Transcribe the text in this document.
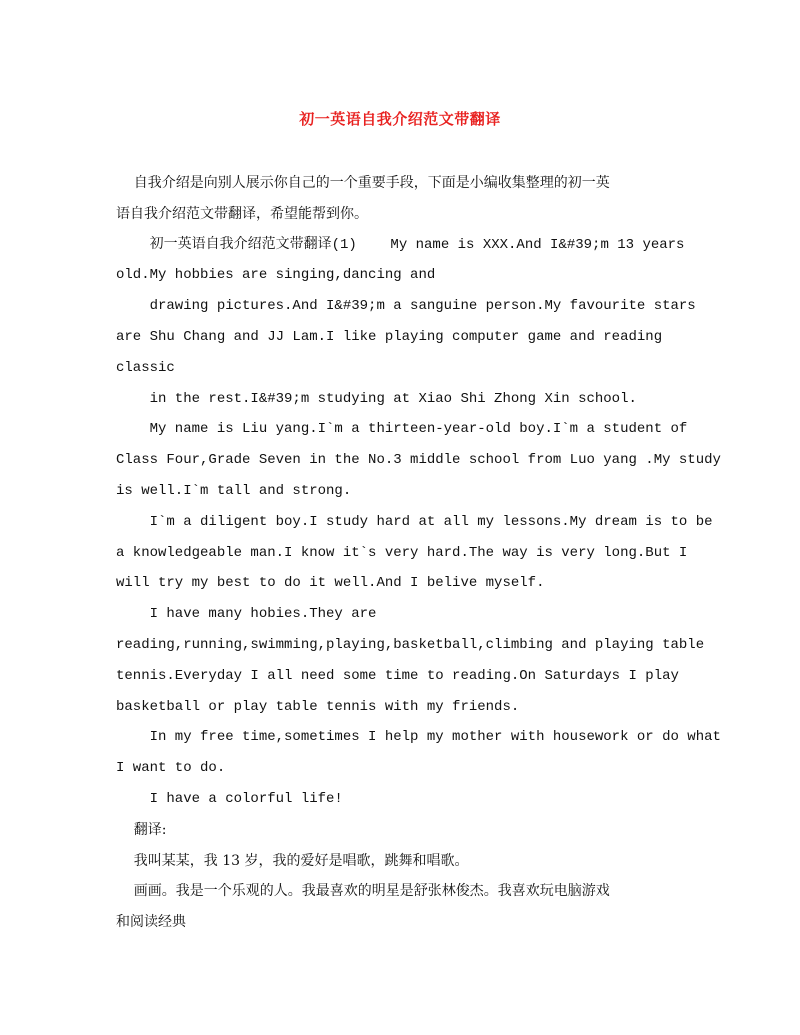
初一英语自我介绍范文带翻译
自我介绍是向别人展示你自己的一个重要手段，下面是小编收集整理的初一英
语自我介绍范文带翻译，希望能帮到你。
初一英语自我介绍范文带翻译(1)    My name is XXX.And I&#39;m 13 years
old.My hobbies are singing,dancing and
drawing pictures.And I&#39;m a sanguine person.My favourite stars
are Shu Chang and JJ Lam.I like playing computer game and reading
classic
in the rest.I&#39;m studying at Xiao Shi Zhong Xin school.
My name is Liu yang.I`m a thirteen-year-old boy.I`m a student of
Class Four,Grade Seven in the No.3 middle school from Luo yang .My study
is well.I`m tall and strong.
I`m a diligent boy.I study hard at all my lessons.My dream is to be
a knowledgeable man.I know it`s very hard.The way is very long.But I
will try my best to do it well.And I belive myself.
I have many hobies.They are
reading,running,swimming,playing,basketball,climbing and playing table
tennis.Everyday I all need some time to reading.On Saturdays I play
basketball or play table tennis with my friends.
In my free time,sometimes I help my mother with housework or do what
I want to do.
I have a colorful life!
翻译:
我叫某某，我 13 岁，我的爱好是唱歌，跳舞和唱歌。
画画。我是一个乐观的人。我最喜欢的明星是舒张林俊杰。我喜欢玩电脑游戏
和阅读经典
